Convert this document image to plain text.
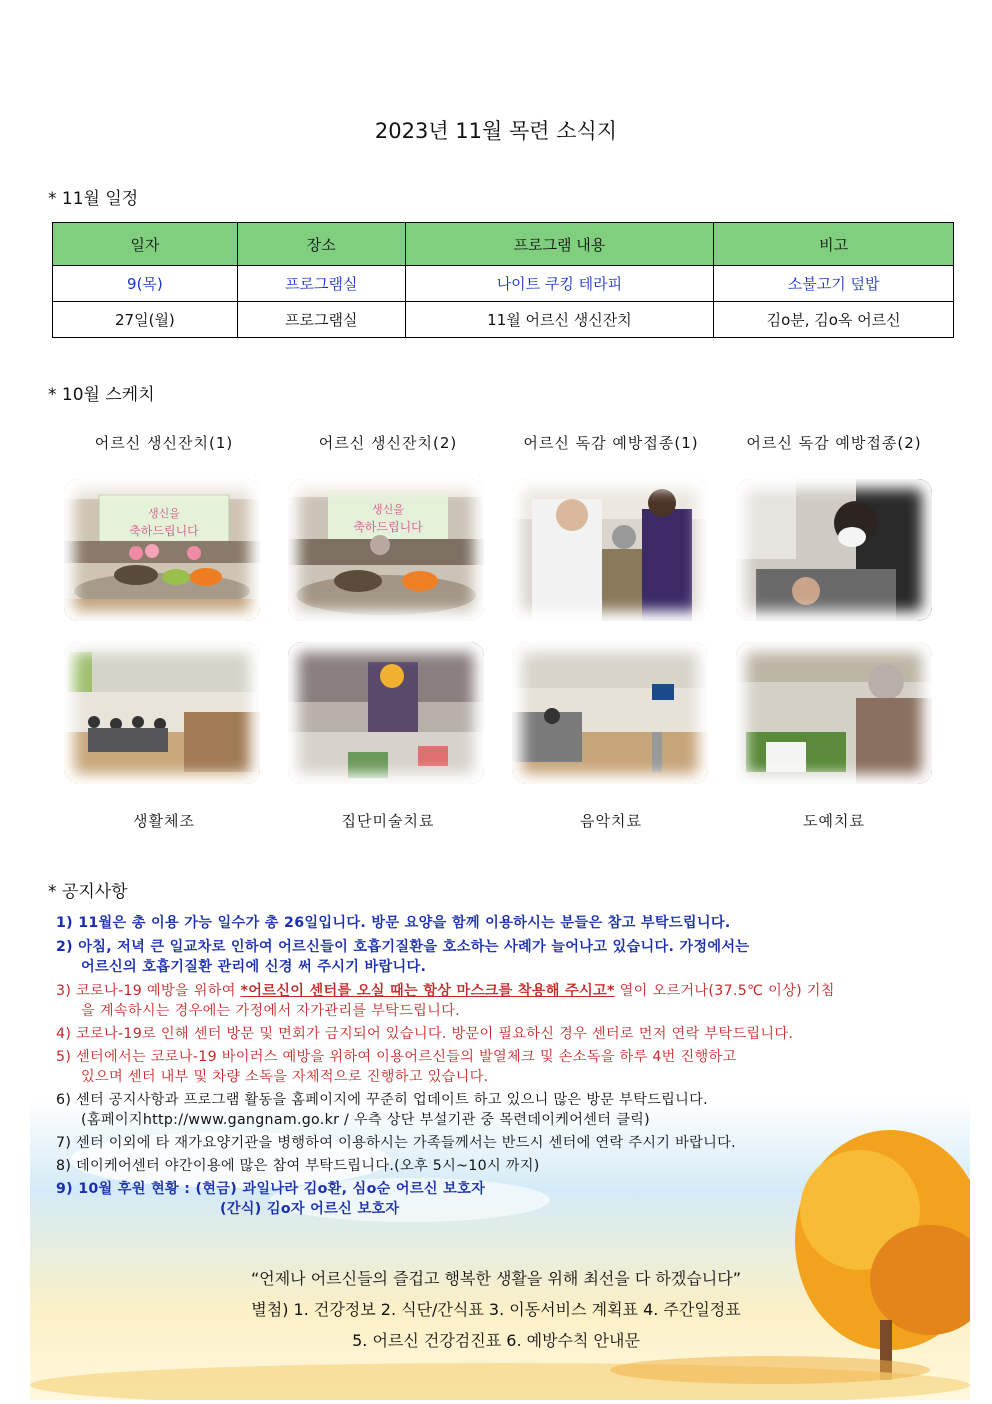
2023년 11월 목련 소식지
* 11월 일정
일자	장소	프로그램 내용	비고
9(목)	프로그램실	나이트 쿠킹 테라피	소불고기 덮밥
27일(월)	프로그램실	11월 어르신 생신잔치	김o분, 김o옥 어르신
* 10월 스케치
어르신 생신잔치(1)	어르신 생신잔치(2)	어르신 독감 예방접종(1)	어르신 독감 예방접종(2)
생신을
축하드립니다
생신을
축하드립니다
생활체조	집단미술치료	음악치료	도예치료
* 공지사항
1) 11월은 총 이용 가능 일수가 총 26일입니다. 방문 요양을 함께 이용하시는 분들은 참고 부탁드립니다.
2) 아침, 저녁 큰 일교차로 인하여 어르신들이 호흡기질환을 호소하는 사례가 늘어나고 있습니다. 가정에서는
어르신의 호흡기질환 관리에 신경 써 주시기 바랍니다.
3) 코로나-19 예방을 위하여 *어르신이 센터를 오실 때는 항상 마스크를 착용해 주시고* 열이 오르거나(37.5℃ 이상) 기침
을 계속하시는 경우에는 가정에서 자가관리를 부탁드립니다.
4) 코로나-19로 인해 센터 방문 및 면회가 금지되어 있습니다. 방문이 필요하신 경우 센터로 먼저 연락 부탁드립니다.
5) 센터에서는 코로나-19 바이러스 예방을 위하여 이용어르신들의 발열체크 및 손소독을 하루 4번 진행하고
있으며 센터 내부 및 차량 소독을 자체적으로 진행하고 있습니다.
6) 센터 공지사항과 프로그램 활동을 홈페이지에 꾸준히 업데이트 하고 있으니 많은 방문 부탁드립니다.
(홈페이지http://www.gangnam.go.kr / 우측 상단 부설기관 중 목련데이케어센터 클릭)
7) 센터 이외에 타 재가요양기관을 병행하여 이용하시는 가족들께서는 반드시 센터에 연락 주시기 바랍니다.
8) 데이케어센터 야간이용에 많은 참여 부탁드립니다.(오후 5시~10시 까지)
9) 10월 후원 현황 : (현금) 과일나라 김o환, 심o순 어르신 보호자
(간식) 김o자 어르신 보호자
“언제나 어르신들의 즐겁고 행복한 생활을 위해 최선을 다 하겠습니다”
별첨) 1. 건강정보 2. 식단/간식표 3. 이동서비스 계획표 4. 주간일정표
5. 어르신 건강검진표 6. 예방수칙 안내문
